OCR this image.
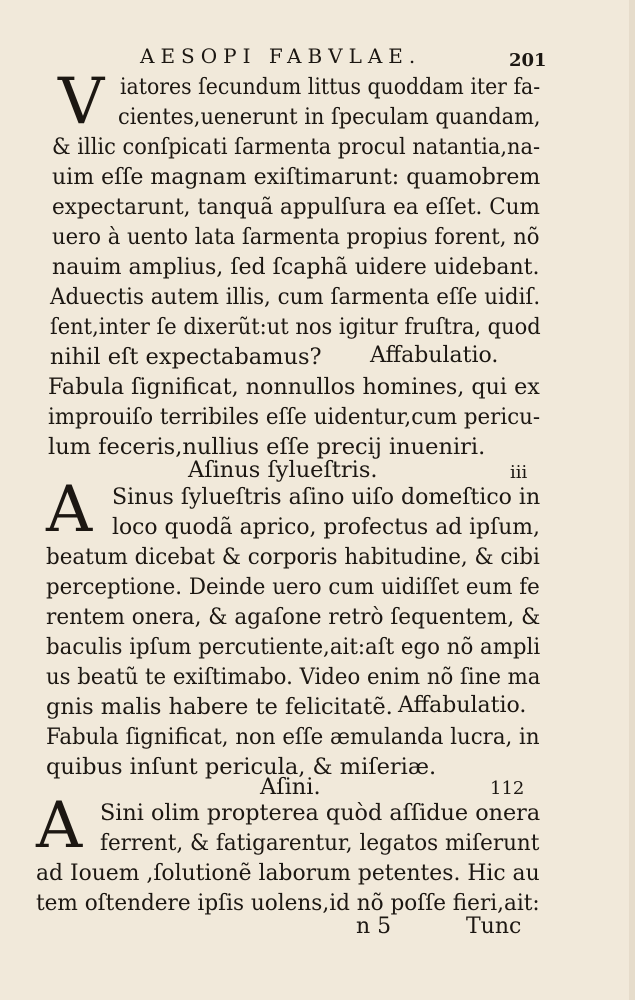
AESOPI FABVLAE.	201
V iatores ſecundum littus quoddam iter fa-
cientes,uenerunt in ſpeculam quandam,
& illic conſpicati ſarmenta procul natantia,na-
uim eſſe magnam exiſtimarunt: quamobrem
expectarunt, tanquã appulſura ea eſſet. Cum
uero à uento lata ſarmenta propius forent, nõ
nauim amplius, ſed ſcaphã uidere uidebant.
Aduectis autem illis, cum ſarmenta eſſe uidiſ.
ſent,inter ſe dixerũt:ut nos igitur fruſtra, quod
nihil eſt expectabamus? Affabulatio.
Fabula ſignificat, nonnullos homines, qui ex
improuiſo terribiles eſſe uidentur,cum pericu-
lum feceris,nullius eſſe precij inueniri.
Aſinus ſylueſtris.	iii
A Sinus ſylueſtris aſino uiſo domeſtico in
loco quodã aprico, profectus ad ipſum,
beatum dicebat & corporis habitudine, & cibi
perceptione. Deinde uero cum uidiſſet eum fe
rentem onera, & agaſone retrò ſequentem, &
baculis ipſum percutiente,ait:aſt ego nõ ampli
us beatũ te exiſtimabo. Video enim nõ ſine ma
gnis malis habere te felicitatẽ. Affabulatio.
Fabula ſignificat, non eſſe æmulanda lucra, in
quibus inſunt pericula, & miſeriæ.
Aſini.	112
A Sini olim propterea quòd aſſidue onera
ferrent, & fatigarentur, legatos miſerunt
ad Iouem ,ſolutionẽ laborum petentes. Hic au
tem oſtendere ipſis uolens,id nõ poſſe fieri,ait:
n 5	Tunc
